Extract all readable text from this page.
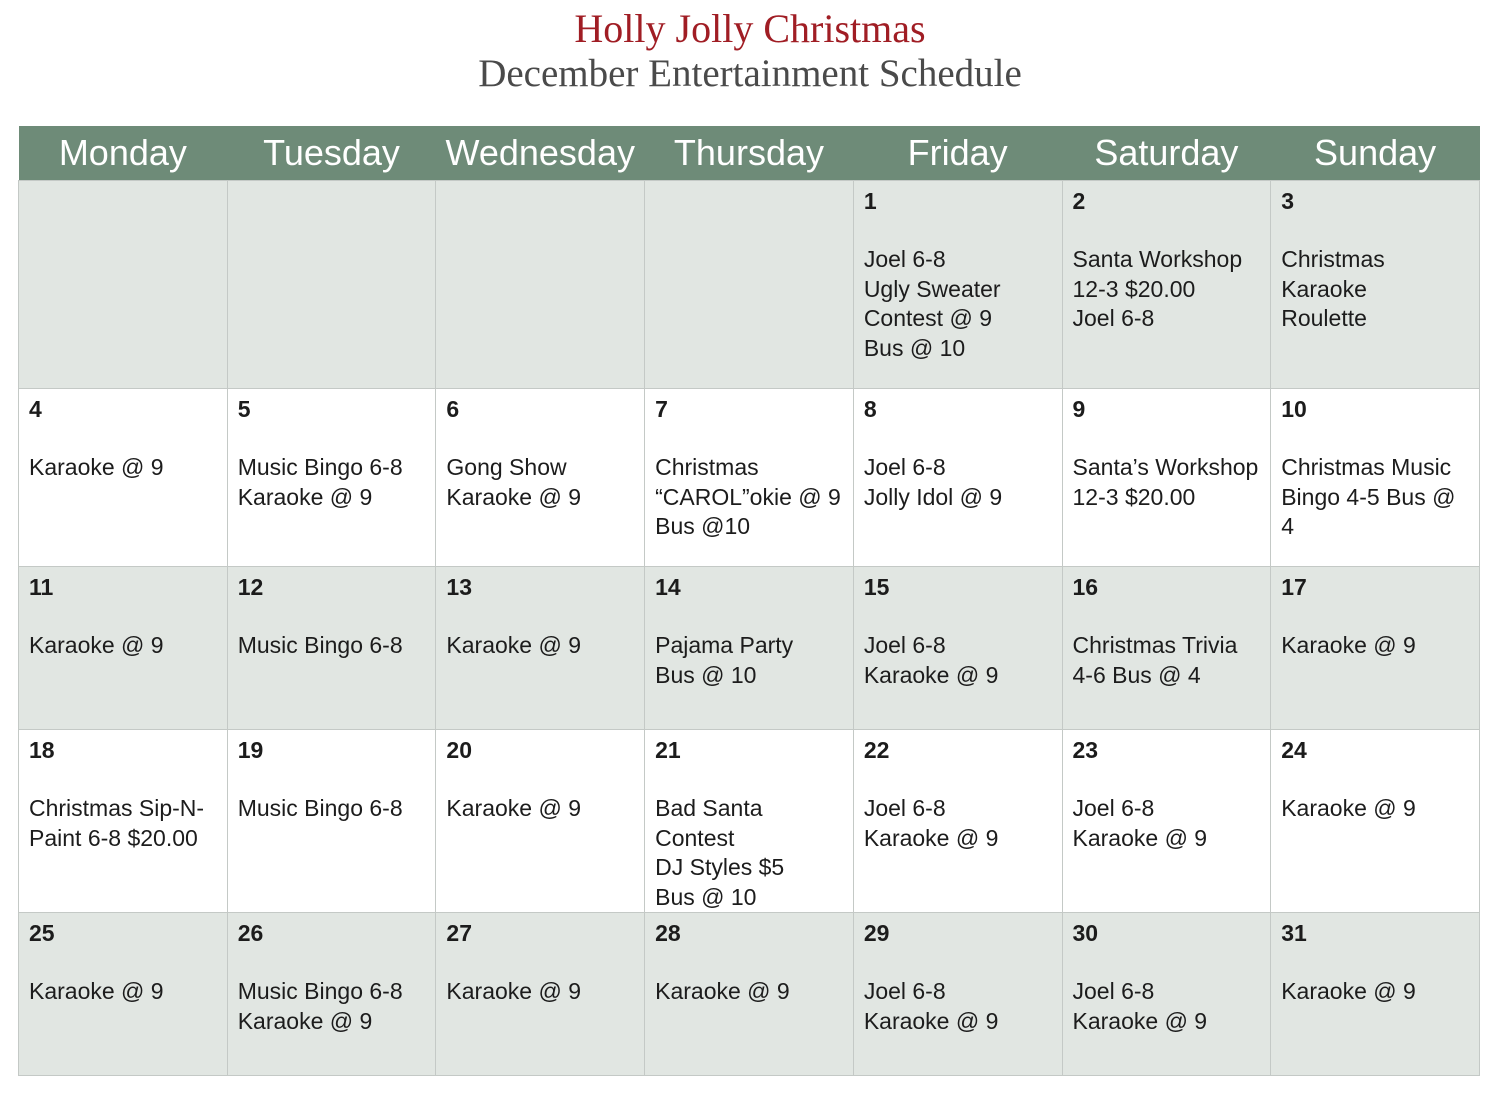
Holly Jolly Christmas

December Entertainment Schedule

Monday	Tuesday	Wednesday	Thursday	Friday	Saturday	Sunday

				1
Joel 6-8
Ugly Sweater
Contest @ 9
Bus @ 10	2
Santa Workshop
12-3 $20.00
Joel 6-8	3
Christmas Karaoke
Roulette

4
Karaoke @ 9	5
Music Bingo 6-8
Karaoke @ 9	6
Gong Show
Karaoke @ 9	7
Christmas
“CAROL”okie @ 9
Bus @10	8
Joel 6-8
Jolly Idol @ 9	9
Santa’s Workshop
12-3 $20.00	10
Christmas Music
Bingo 4-5 Bus @ 4

11
Karaoke @ 9	12
Music Bingo 6-8	13
Karaoke @ 9	14
Pajama Party
Bus @ 10	15
Joel 6-8
Karaoke @ 9	16
Christmas Trivia
4-6 Bus @ 4	17
Karaoke @ 9

18
Christmas Sip-N-
Paint 6-8 $20.00	19
Music Bingo 6-8	20
Karaoke @ 9	21
Bad Santa Contest
DJ Styles $5
Bus @ 10	22
Joel 6-8
Karaoke @ 9	23
Joel 6-8
Karaoke @ 9	24
Karaoke @ 9

25
Karaoke @ 9	26
Music Bingo 6-8
Karaoke @ 9	27
Karaoke @ 9	28
Karaoke @ 9	29
Joel 6-8
Karaoke @ 9	30
Joel 6-8
Karaoke @ 9	31
Karaoke @ 9
